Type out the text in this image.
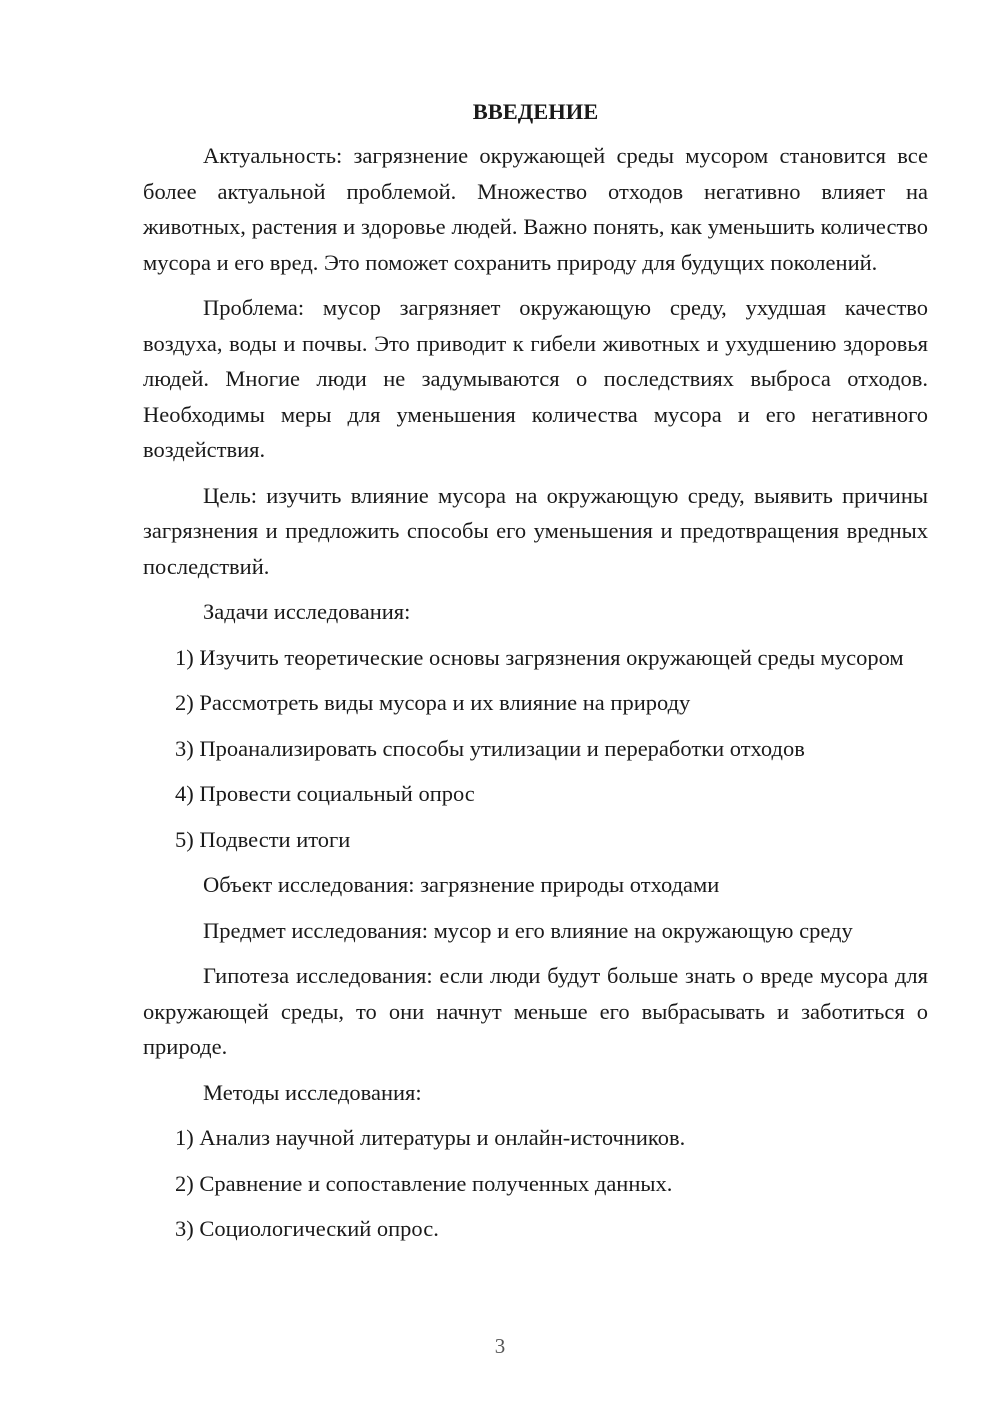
ВВЕДЕНИЕ
Актуальность: загрязнение окружающей среды мусором становится все более актуальной проблемой. Множество отходов негативно влияет на животных, растения и здоровье людей. Важно понять, как уменьшить количество мусора и его вред. Это поможет сохранить природу для будущих поколений.
Проблема: мусор загрязняет окружающую среду, ухудшая качество воздуха, воды и почвы. Это приводит к гибели животных и ухудшению здоровья людей. Многие люди не задумываются о последствиях выброса отходов. Необходимы меры для уменьшения количества мусора и его негативного воздействия.
Цель: изучить влияние мусора на окружающую среду, выявить причины загрязнения и предложить способы его уменьшения и предотвращения вредных последствий.
Задачи исследования:
1) Изучить теоретические основы загрязнения окружающей среды мусором
2) Рассмотреть виды мусора и их влияние на природу
3) Проанализировать способы утилизации и переработки отходов
4) Провести социальный опрос
5) Подвести итоги
Объект исследования: загрязнение природы отходами
Предмет исследования: мусор и его влияние на окружающую среду
Гипотеза исследования: если люди будут больше знать о вреде мусора для окружающей среды, то они начнут меньше его выбрасывать и заботиться о природе.
Методы исследования:
1) Анализ научной литературы и онлайн-источников.
2) Сравнение и сопоставление полученных данных.
3) Социологический опрос.
3
